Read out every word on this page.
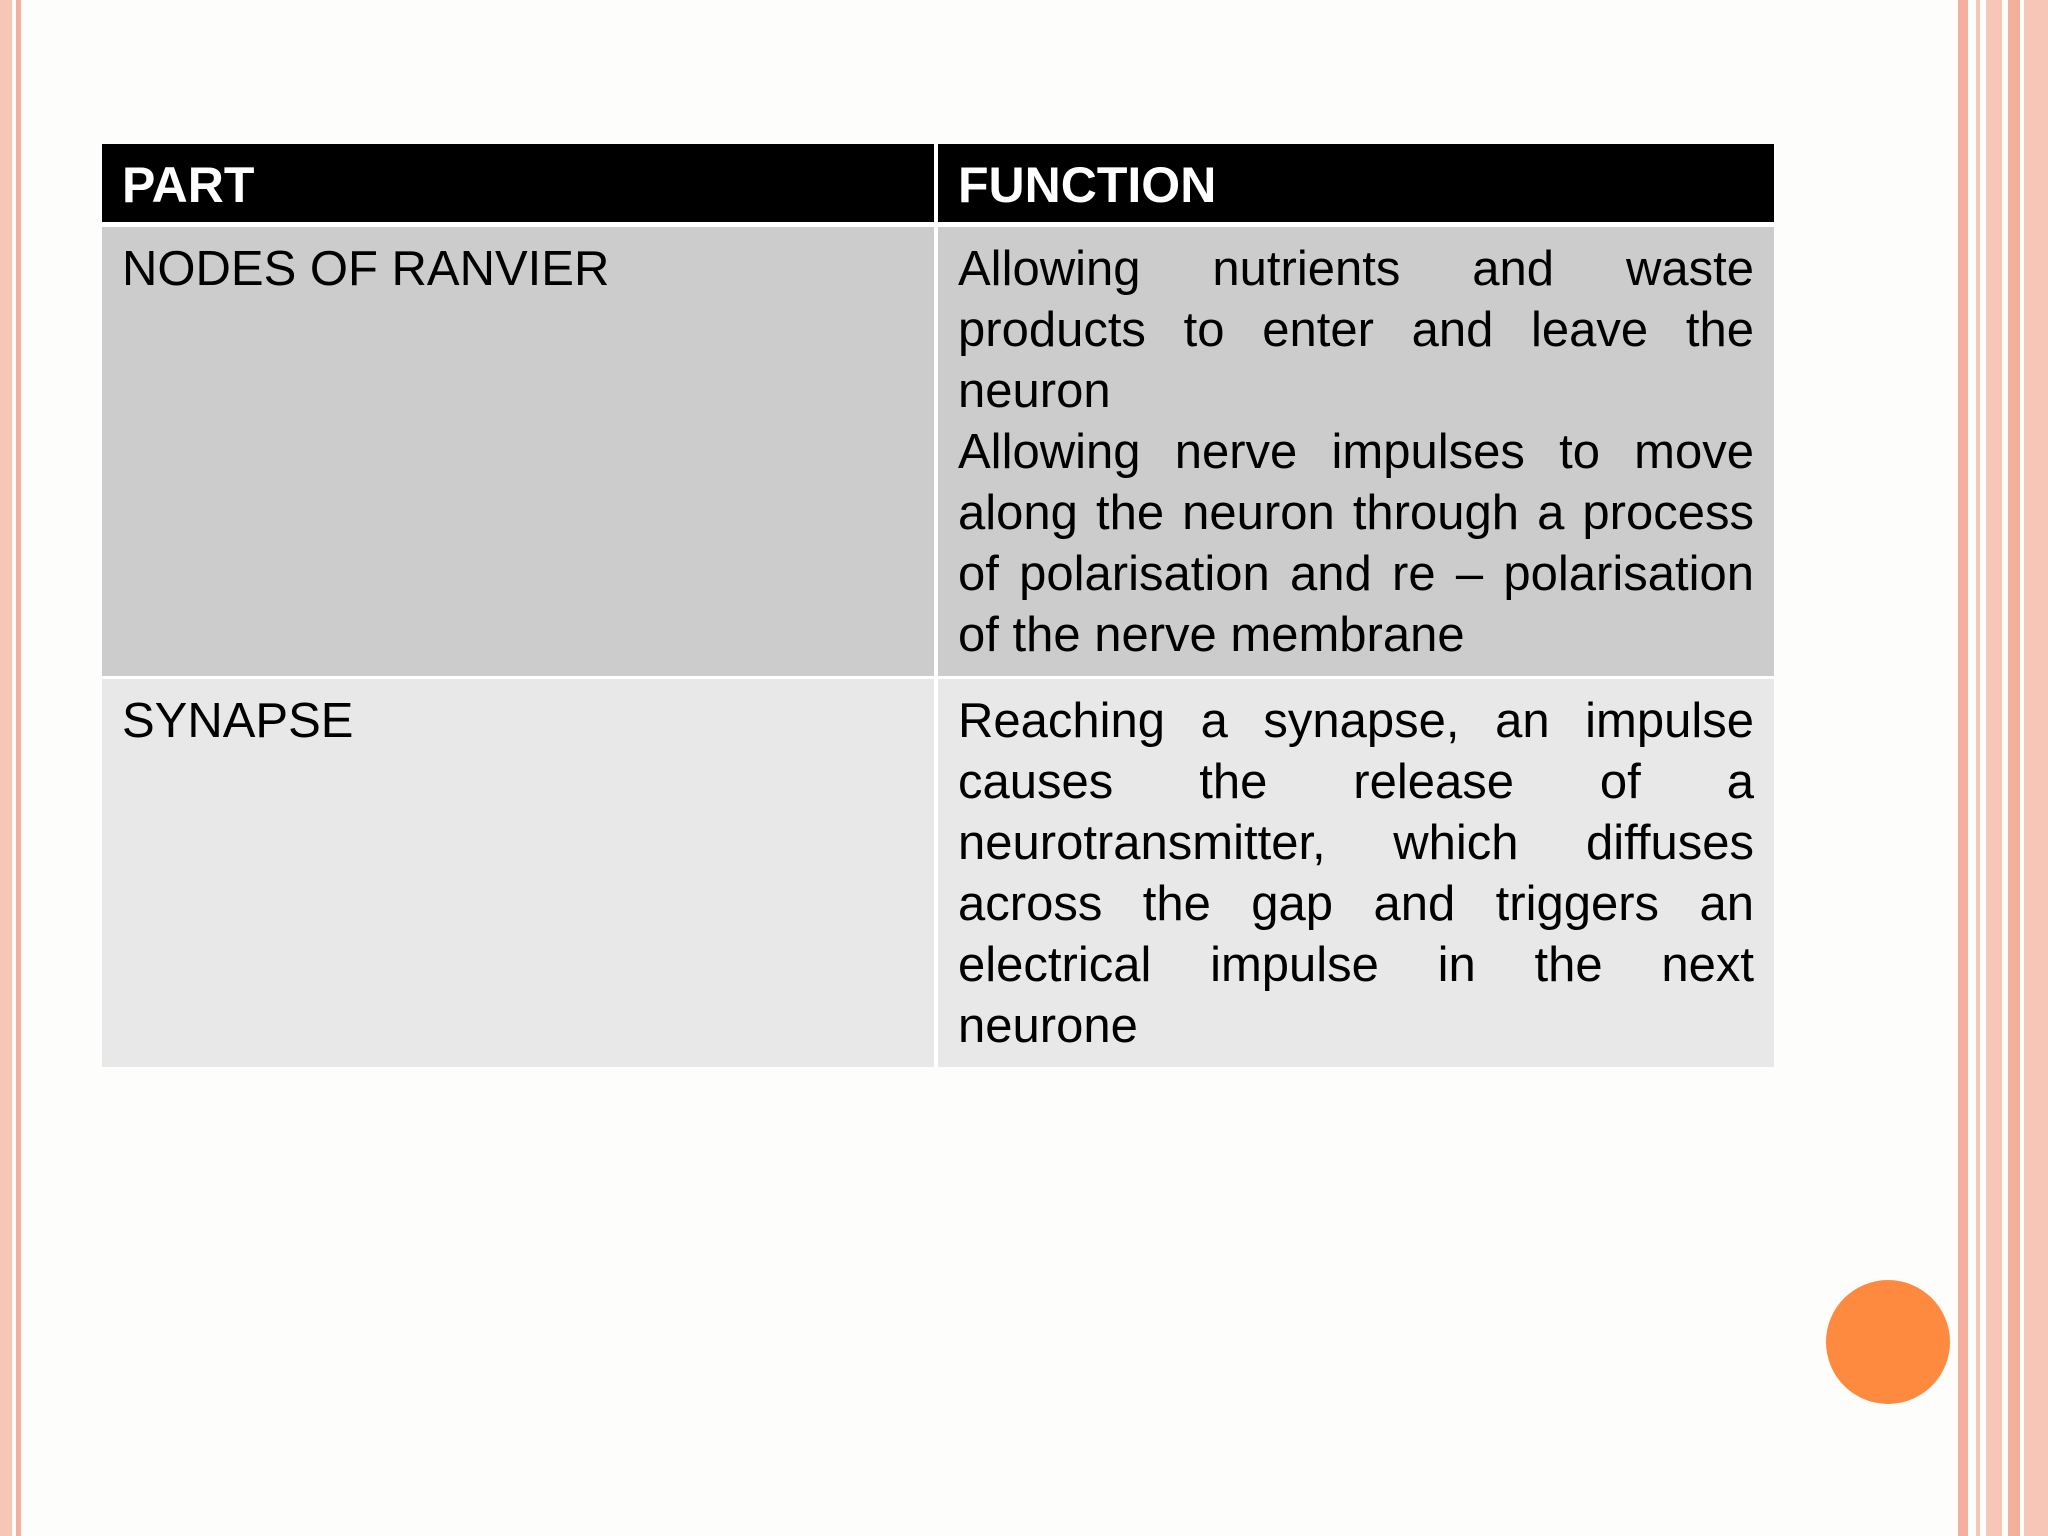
PART	FUNCTION
NODES OF RANVIER	Allowing nutrients and waste products to enter and leave the neuron
Allowing nerve impulses to move along the neuron through a process of polarisation and re – polarisation of the nerve membrane

SYNAPSE	Reaching a synapse, an impulse causes the release of a neurotransmitter, which diffuses across the gap and triggers an electrical impulse in the next neurone
